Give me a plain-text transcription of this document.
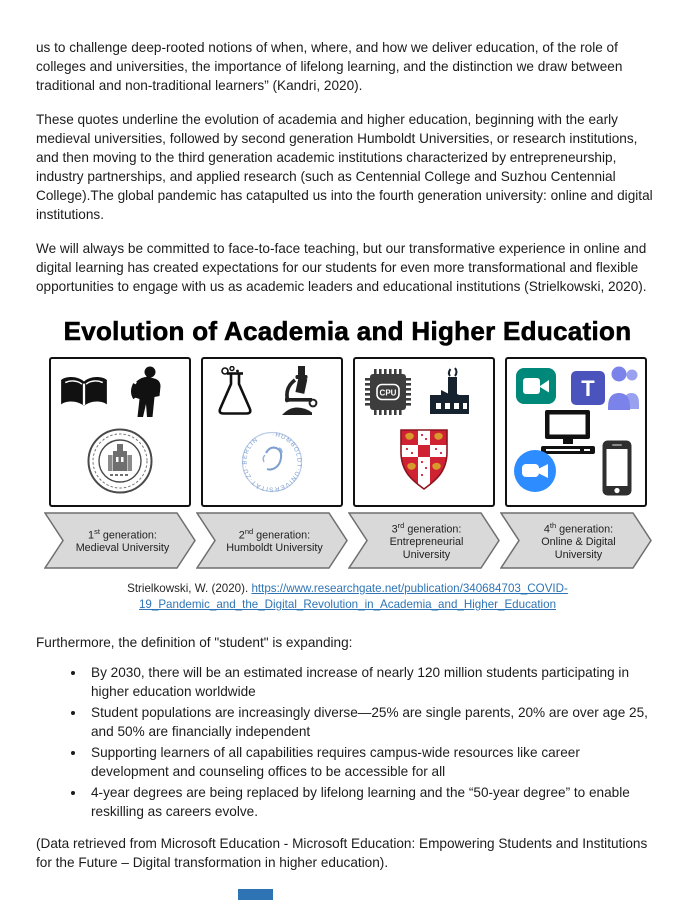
us to challenge deep-rooted notions of when, where, and how we deliver education, of the role of colleges and universities, the importance of lifelong learning, and the distinction we draw between traditional and non-traditional learners” (Kandri, 2020).

These quotes underline the evolution of academia and higher education, beginning with the early medieval universities, followed by second generation Humboldt Universities, or research institutions, and then moving to the third generation academic institutions characterized by entrepreneurship, industry partnerships, and applied research (such as Centennial College and Suzhou Centennial College).The global pandemic has catapulted us into the fourth generation university: online and digital institutions.

We will always be committed to face-to-face teaching, but our transformative experience in online and digital learning has created expectations for our students for even more transformational and flexible opportunities to engage with us as academic leaders and educational institutions (Strielkowski, 2020).

Evolution of Academia and Higher Education
1st generation:
Medieval University
·HUMBOLDT·UNIVERSITÄT·ZU·BERLIN
2nd generation:
Humboldt University
CPU
3rd generation:
Entrepreneurial University
T
4th generation:
Online & Digital University

Strielkowski, W. (2020). https://www.researchgate.net/publication/340684703_COVID-
19_Pandemic_and_the_Digital_Revolution_in_Academia_and_Higher_Education

Furthermore, the definition of "student" is expanding:

• By 2030, there will be an estimated increase of nearly 120 million students participating in higher education worldwide
• Student populations are increasingly diverse—25% are single parents, 20% are over age 25, and 50% are financially independent
• Supporting learners of all capabilities requires campus-wide resources like career development and counseling offices to be accessible for all
• 4-year degrees are being replaced by lifelong learning and the “50-year degree” to enable reskilling as careers evolve.

(Data retrieved from Microsoft Education - Microsoft Education: Empowering Students and Institutions for the Future – Digital transformation in higher education).
